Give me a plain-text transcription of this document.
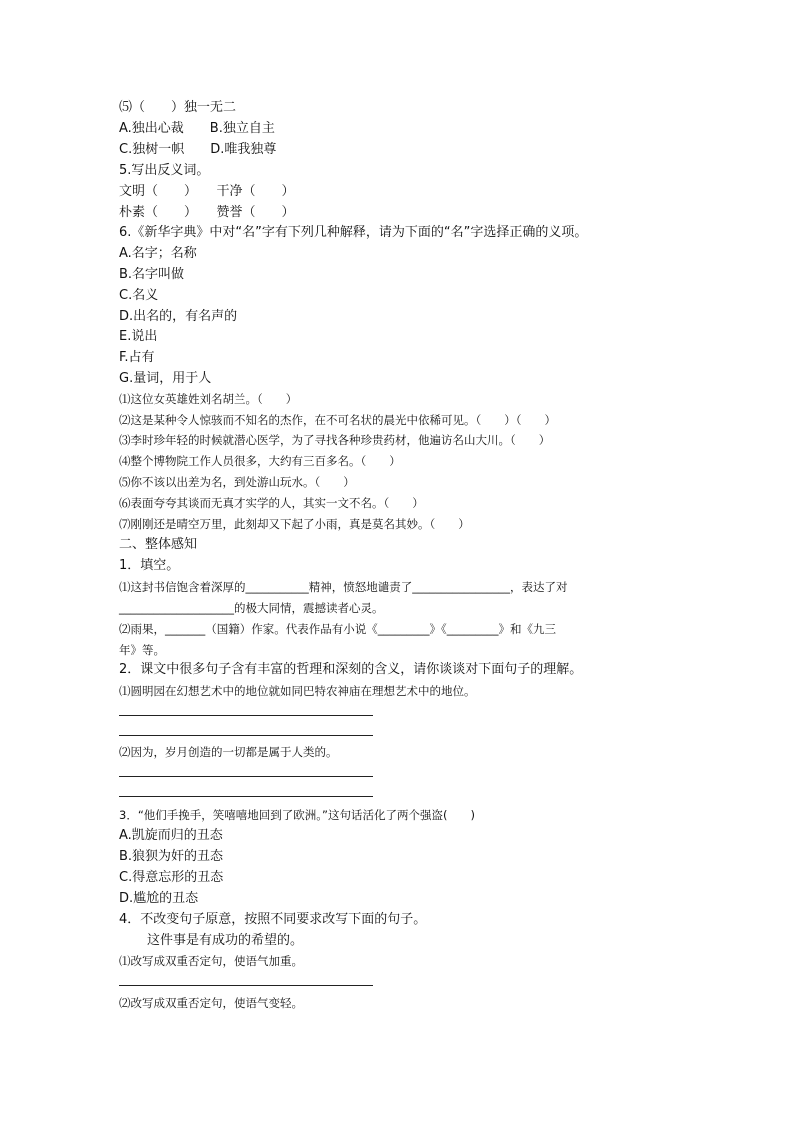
⑸（　　）独一无二
A.独出心裁　　B.独立自主
C.独树一帜　　D.唯我独尊
5.写出反义词。
文明（　　）　　干净（　　）
朴素（　　）　　赞誉（　　）
6.《新华字典》中对“名”字有下列几种解释，请为下面的“名”字选择正确的义项。
A.名字；名称
B.名字叫做
C.名义
D.出名的，有名声的
E.说出
F.占有
G.量词，用于人
⑴这位女英雄姓刘名胡兰。（　　）
⑵这是某种令人惊骇而不知名的杰作，在不可名状的晨光中依稀可见。（　　）（　　）
⑶李时珍年轻的时候就潜心医学，为了寻找各种珍贵药材，他遍访名山大川。（　　）
⑷整个博物院工作人员很多，大约有三百多名。（　　）
⑸你不该以出差为名，到处游山玩水。（　　）
⑹表面夸夸其谈而无真才实学的人，其实一文不名。（　　）
⑺刚刚还是晴空万里，此刻却又下起了小雨，真是莫名其妙。（　　）
二、整体感知
1．填空。
⑴这封书信饱含着深厚的___________精神，愤怒地谴责了_________________，表达了对
____________________的极大同情，震撼读者心灵。
⑵雨果，_______（国籍）作家。代表作品有小说《_________》《_________》和《九三
年》等。
2．课文中很多句子含有丰富的哲理和深刻的含义，请你谈谈对下面句子的理解。
⑴圆明园在幻想艺术中的地位就如同巴特农神庙在理想艺术中的地位。
⑵因为，岁月创造的一切都是属于人类的。
3．“他们手挽手，笑嘻嘻地回到了欧洲。”这句话活化了两个强盗(　　)
A.凯旋而归的丑态
B.狼狈为奸的丑态
C.得意忘形的丑态
D.尴尬的丑态
4．不改变句子原意，按照不同要求改写下面的句子。
这件事是有成功的希望的。
⑴改写成双重否定句，使语气加重。
⑵改写成双重否定句，使语气变轻。
